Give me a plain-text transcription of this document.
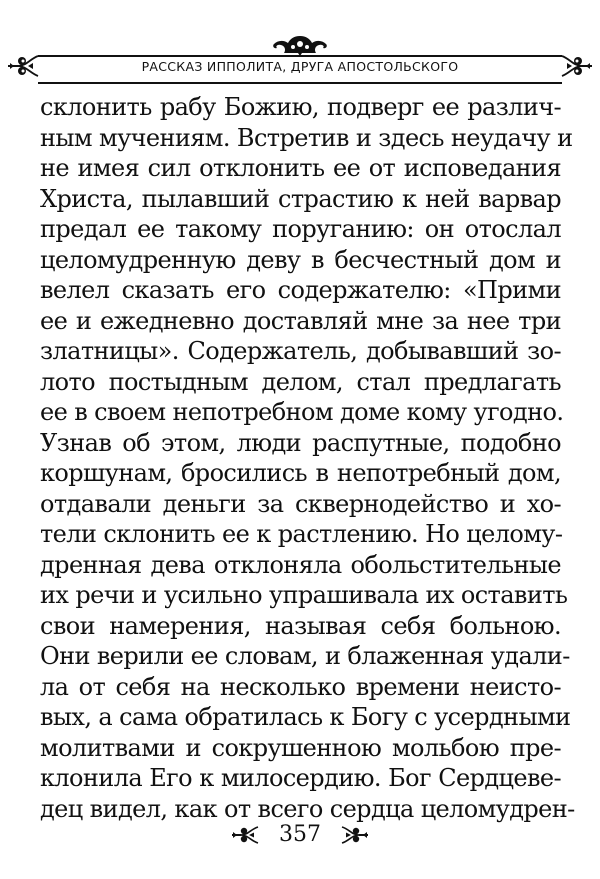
РАССКАЗ ИППОЛИТА, ДРУГА АПОСТОЛЬСКОГО
склонить рабу Божию, подверг ее различ-
ным мучениям. Встретив и здесь неудачу и
не имея сил отклонить ее от исповедания
Христа, пылавший страстию к ней варвар
предал ее такому поруганию: он отослал
целомудренную деву в бесчестный дом и
велел сказать его содержателю: «Прими
ее и ежедневно доставляй мне за нее три
златницы». Содержатель, добывавший зо-
лото постыдным делом, стал предлагать
ее в своем непотребном доме кому угодно.
Узнав об этом, люди распутные, подобно
коршунам, бросились в непотребный дом,
отдавали деньги за сквернодейство и хо-
тели склонить ее к растлению. Но целому-
дренная дева отклоняла обольстительные
их речи и усильно упрашивала их оставить
свои намерения, называя себя больною.
Они верили ее словам, и блаженная удали-
ла от себя на несколько времени неисто-
вых, а сама обратилась к Богу с усердными
молитвами и сокрушенною мольбою пре-
клонила Его к милосердию. Бог Сердцеве-
дец видел, как от всего сердца целомудрен-
357
